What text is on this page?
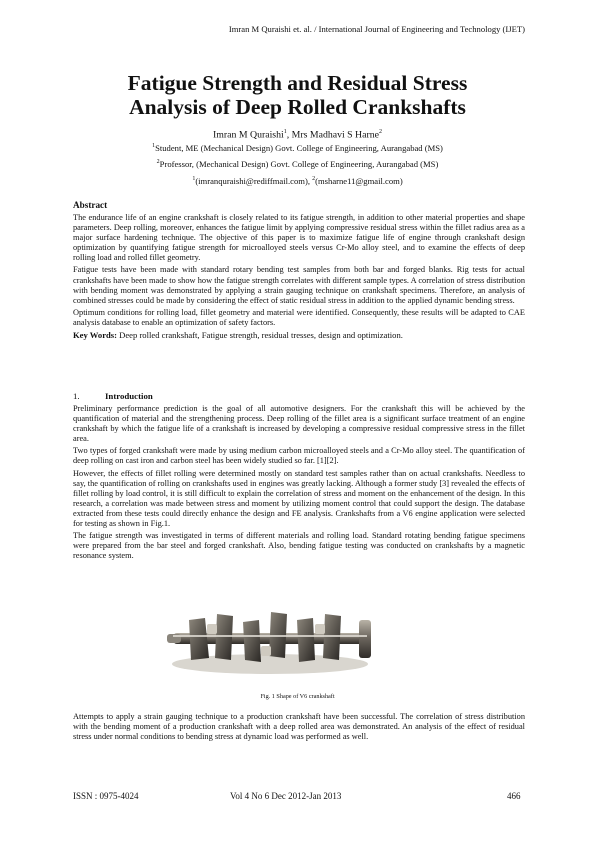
Imran M Quraishi et. al. / International Journal of Engineering and Technology (IJET)
Fatigue Strength and Residual Stress
Analysis of Deep Rolled Crankshafts
Imran M Quraishi$^1$, Mrs Madhavi S Harne$^2$
$^1$Student, ME (Mechanical Design) Govt. College of Engineering, Aurangabad (MS)
$^2$Professor, (Mechanical Design) Govt. College of Engineering, Aurangabad (MS)
$^1$(imranquraishi@rediffmail.com), $^2$(msharne11@gmail.com)
Abstract

The endurance life of an engine crankshaft is closely related to its fatigue strength, in addition to other material properties and shape parameters. Deep rolling, moreover, enhances the fatigue limit by applying compressive residual stress within the fillet radius area as a major surface hardening technique. The objective of this paper is to maximize fatigue life of engine through crankshaft design optimization by quantifying fatigue strength for microalloyed steels versus Cr-Mo alloy steel, and to examine the effects of deep rolling load and rolled fillet geometry.

Fatigue tests have been made with standard rotary bending test samples from both bar and forged blanks. Rig tests for actual crankshafts have been made to show how the fatigue strength correlates with different sample types. A correlation of stress distribution with bending moment was demonstrated by applying a strain gauging technique on crankshaft specimens. Therefore, an analysis of combined stresses could be made by considering the effect of static residual stress in addition to the applied dynamic bending stress.

Optimum conditions for rolling load, fillet geometry and material were identified. Consequently, these results will be adapted to CAE analysis database to enable an optimization of safety factors.

Key Words: Deep rolled crankshaft, Fatigue strength, residual tresses, design and optimization.

1.	Introduction

Preliminary performance prediction is the goal of all automotive designers. For the crankshaft this will be achieved by the quantification of material and the strengthening process. Deep rolling of the fillet area is a significant surface treatment of an engine crankshaft by which the fatigue life of a crankshaft is increased by developing a compressive residual compressive stress in the fillet area.

Two types of forged crankshaft were made by using medium carbon microalloyed steels and a Cr-Mo alloy steel. The quantification of deep rolling on cast iron and carbon steel has been widely studied so far. [1][2].

However, the effects of fillet rolling were determined mostly on standard test samples rather than on actual crankshafts. Needless to say, the quantification of rolling on crankshafts used in engines was greatly lacking. Although a former study [3] revealed the effects of fillet rolling by load control, it is still difficult to explain the correlation of stress and moment on the enhancement of the design. In this research, a correlation was made between stress and moment by utilizing moment control that could support the design. The database extracted from these tests could directly enhance the design and FE analysis. Crankshafts from a V6 engine application were selected for testing as shown in Fig.1.

The fatigue strength was investigated in terms of different materials and rolling load. Standard rotating bending fatigue specimens were prepared from the bar steel and forged crankshaft. Also, bending fatigue testing was conducted on crankshafts by a magnetic resonance system.

Fig. 1 Shape of V6 crankshaft

Attempts to apply a strain gauging technique to a production crankshaft have been successful. The correlation of stress distribution with the bending moment of a production crankshaft with a deep rolled area was demonstrated. An analysis of the effect of residual stress under normal conditions to bending stress at dynamic load was performed as well.

ISSN : 0975-4024	Vol 4 No 6 Dec 2012-Jan 2013	466
